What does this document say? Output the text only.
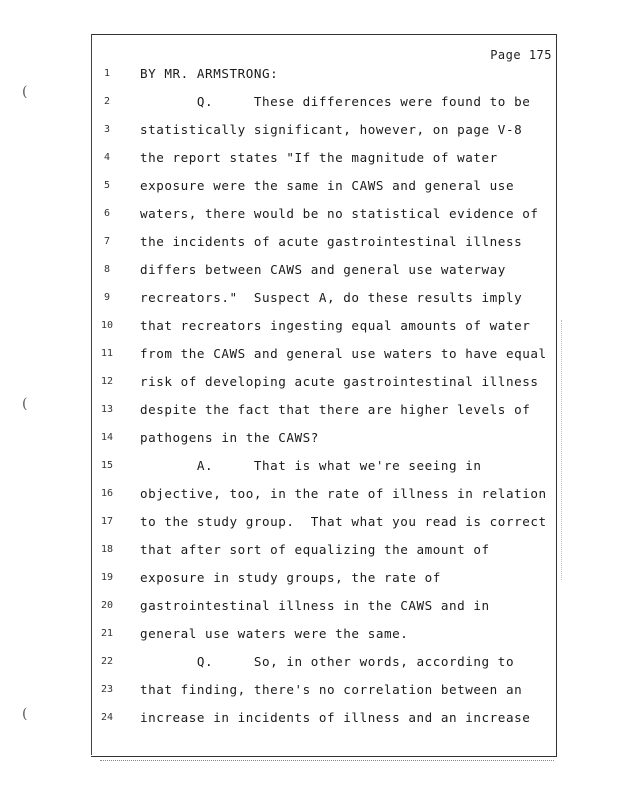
(
(
(
Page 175
1	BY MR. ARMSTRONG:
2	Q.     These differences were found to be
3	statistically significant, however, on page V-8
4	the report states "If the magnitude of water
5	exposure were the same in CAWS and general use
6	waters, there would be no statistical evidence of
7	the incidents of acute gastrointestinal illness
8	differs between CAWS and general use waterway
9	recreators."  Suspect A, do these results imply
10	that recreators ingesting equal amounts of water
11	from the CAWS and general use waters to have equal
12	risk of developing acute gastrointestinal illness
13	despite the fact that there are higher levels of
14	pathogens in the CAWS?
15	A.     That is what we're seeing in
16	objective, too, in the rate of illness in relation
17	to the study group.  That what you read is correct
18	that after sort of equalizing the amount of
19	exposure in study groups, the rate of
20	gastrointestinal illness in the CAWS and in
21	general use waters were the same.
22	Q.     So, in other words, according to
23	that finding, there's no correlation between an
24	increase in incidents of illness and an increase
